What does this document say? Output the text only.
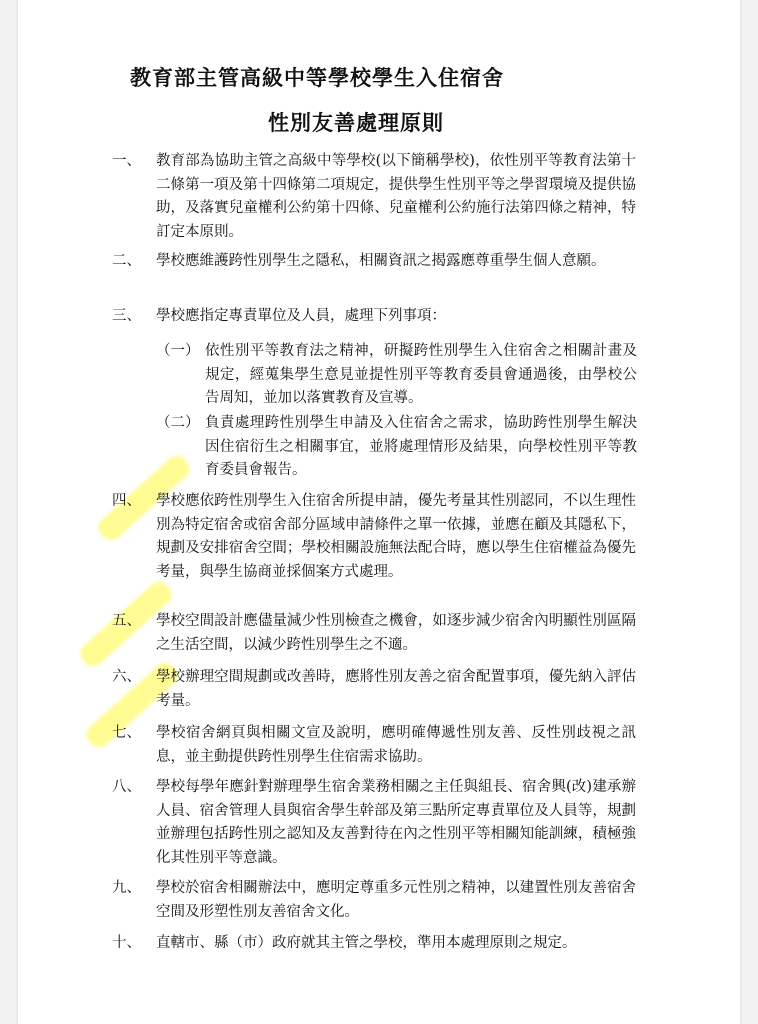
教育部主管高級中等學校學生入住宿舍
性別友善處理原則
一、 教育部為協助主管之高級中等學校(以下簡稱學校)，依性別平等教育法第十二條第一項及第十四條第二項規定，提供學生性別平等之學習環境及提供協助，及落實兒童權利公約第十四條、兒童權利公約施行法第四條之精神，特訂定本原則。
二、 學校應維護跨性別學生之隱私，相關資訊之揭露應尊重學生個人意願。
三、 學校應指定專責單位及人員，處理下列事項：
（一） 依性別平等教育法之精神，研擬跨性別學生入住宿舍之相關計畫及規定，經蒐集學生意見並提性別平等教育委員會通過後，由學校公告周知，並加以落實教育及宣導。
（二） 負責處理跨性別學生申請及入住宿舍之需求，協助跨性別學生解決因住宿衍生之相關事宜，並將處理情形及結果，向學校性別平等教育委員會報告。
四、 學校應依跨性別學生入住宿舍所提申請，優先考量其性別認同，不以生理性別為特定宿舍或宿舍部分區域申請條件之單一依據，並應在顧及其隱私下，規劃及安排宿舍空間；學校相關設施無法配合時，應以學生住宿權益為優先考量，與學生協商並採個案方式處理。
五、 學校空間設計應儘量減少性別檢查之機會，如逐步減少宿舍內明顯性別區隔之生活空間，以減少跨性別學生之不適。
六、 學校辦理空間規劃或改善時，應將性別友善之宿舍配置事項，優先納入評估考量。
七、 學校宿舍網頁與相關文宣及說明，應明確傳遞性別友善、反性別歧視之訊息，並主動提供跨性別學生住宿需求協助。
八、 學校每學年應針對辦理學生宿舍業務相關之主任與組長、宿舍興(改)建承辦人員、宿舍管理人員與宿舍學生幹部及第三點所定專責單位及人員等，規劃並辦理包括跨性別之認知及友善對待在內之性別平等相關知能訓練，積極強化其性別平等意識。
九、 學校於宿舍相關辦法中，應明定尊重多元性別之精神，以建置性別友善宿舍空間及形塑性別友善宿舍文化。
十、 直轄市、縣（市）政府就其主管之學校，準用本處理原則之規定。
